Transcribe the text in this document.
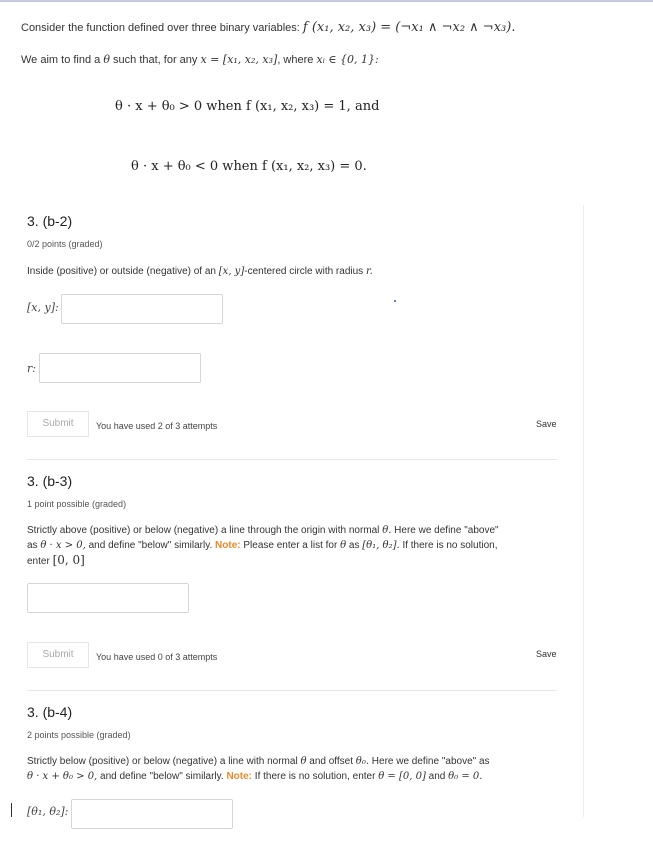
Consider the function defined over three binary variables: f (x₁, x₂, x₃) = (¬x₁ ∧ ¬x₂ ∧ ¬x₃).
We aim to find a θ such that, for any x = [x₁, x₂, x₃], where xᵢ ∈ {0, 1}:
θ · x + θ₀ > 0 when f (x₁, x₂, x₃) = 1, and
θ · x + θ₀ < 0 when f (x₁, x₂, x₃) = 0.
3. (b-2)
0/2 points (graded)
Inside (positive) or outside (negative) of an [x, y]-centered circle with radius r.
[x, y]:
r:
Submit	You have used 2 of 3 attempts	Save
3. (b-3)
1 point possible (graded)
Strictly above (positive) or below (negative) a line through the origin with normal θ. Here we define "above"
as θ · x > 0, and define "below" similarly. Note: Please enter a list for θ as [θ₁, θ₂]. If there is no solution,
enter [0, 0]
Submit	You have used 0 of 3 attempts	Save
3. (b-4)
2 points possible (graded)
Strictly below (positive) or below (negative) a line with normal θ and offset θ₀. Here we define "above" as
θ · x + θ₀ > 0, and define "below" similarly. Note: If there is no solution, enter θ = [0, 0] and θ₀ = 0.
[θ₁, θ₂]:
